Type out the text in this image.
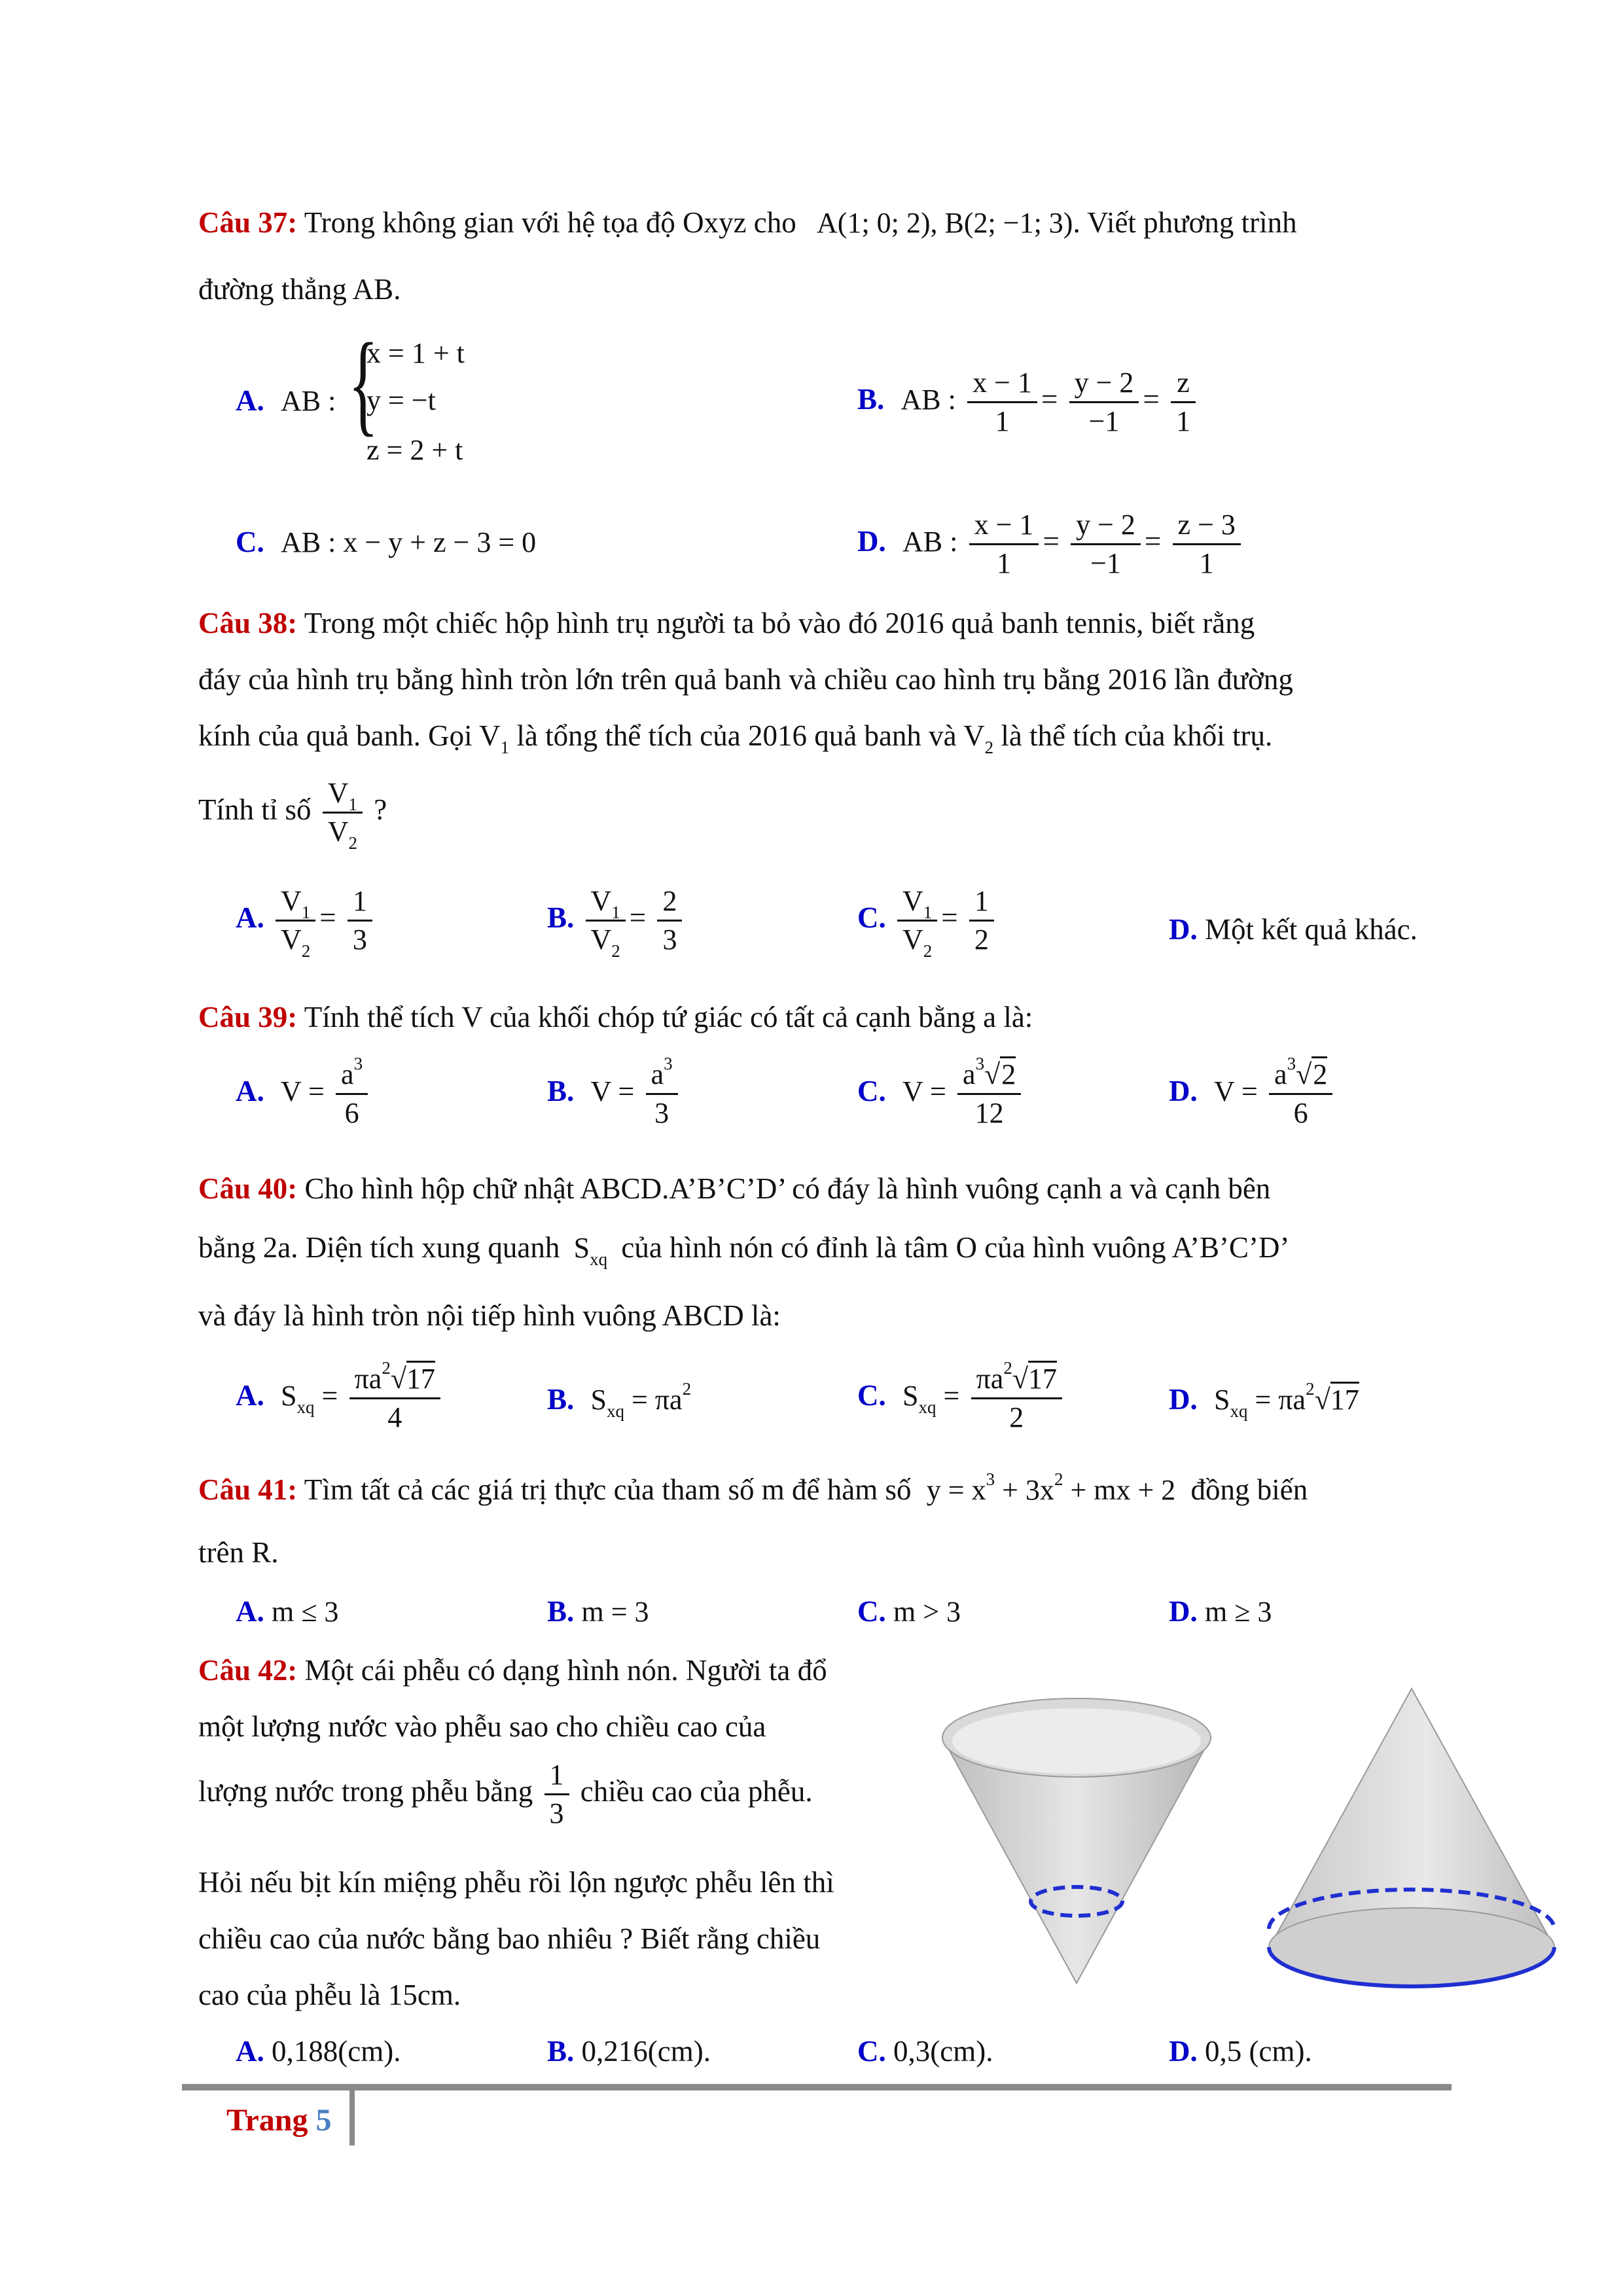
Câu 37: Trong không gian với hệ tọa độ Oxyz cho A(1; 0; 2), B(2; −1; 3). Viết phương trình
đường thẳng AB.
A. AB : {
x = 1 + t
y = −t
z = 2 + t
B. AB : $\frac{x - 1}{1} = \frac{y - 2}{-1} = \frac{z}{1}$
C. AB : x − y + z − 3 = 0	D. AB : $\frac{x - 1}{1} = \frac{y - 2}{-1} = \frac{z - 3}{1}$
Câu 38: Trong một chiếc hộp hình trụ người ta bỏ vào đó 2016 quả banh tennis, biết rằng
đáy của hình trụ bằng hình tròn lớn trên quả banh và chiều cao hình trụ bằng 2016 lần đường
kính của quả banh. Gọi $V_1$ là tổng thể tích của 2016 quả banh và $V_2$ là thể tích của khối trụ.
Tính tỉ số $\frac{V_1}{V_2}$ ?
A. $\frac{V_1}{V_2} = \frac{1}{3}$	B. $\frac{V_1}{V_2} = \frac{2}{3}$	C. $\frac{V_1}{V_2} = \frac{1}{2}$	D. Một kết quả khác.
Câu 39: Tính thể tích V của khối chóp tứ giác có tất cả cạnh bằng a là:
A. $V = \frac{a^3}{6}$	B. $V = \frac{a^3}{3}$	C. $V = \frac{a^3√2}{12}$	D. $V = \frac{a^3√2}{6}$
Câu 40: Cho hình hộp chữ nhật ABCD.A’B’C’D’ có đáy là hình vuông cạnh a và cạnh bên
bằng 2a. Diện tích xung quanh $S_{xq}$ của hình nón có đỉnh là tâm O của hình vuông A’B’C’D’
và đáy là hình tròn nội tiếp hình vuông ABCD là:
A. $S_{xq} = \frac{\pi a^2√17}{4}$	B. $S_{xq} = \pi a^2$	C. $S_{xq} = \frac{\pi a^2√17}{2}$	D. $S_{xq} = \pi a^2√17$
Câu 41: Tìm tất cả các giá trị thực của tham số m để hàm số $y = x^3 + 3x^2$ + mx + 2 đồng biến
trên R.
A. m ≤ 3	B. m = 3	C. m > 3	D. m ≥ 3
Câu 42: Một cái phễu có dạng hình nón. Người ta đổ
một lượng nước vào phễu sao cho chiều cao của
lượng nước trong phễu bằng $\frac{1}{3}$ chiều cao của phễu.
Hỏi nếu bịt kín miệng phễu rồi lộn ngược phễu lên thì
chiều cao của nước bằng bao nhiêu ? Biết rằng chiều
cao của phễu là 15cm.
A. 0,188(cm).	B. 0,216(cm).	C. 0,3(cm).	D. 0,5 (cm).
Trang 5
